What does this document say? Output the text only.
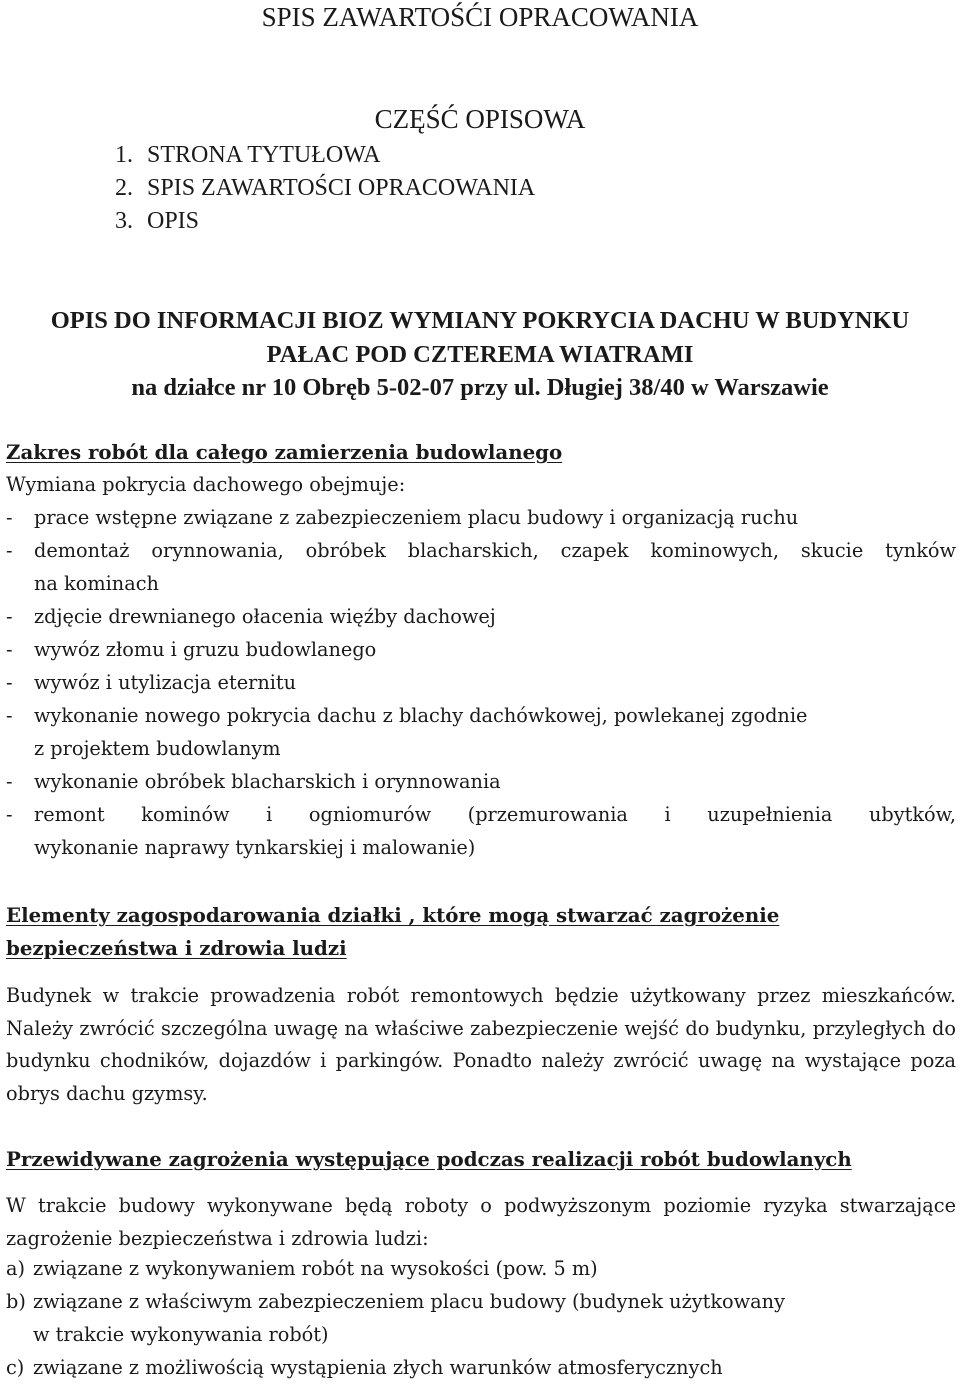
SPIS ZAWARTOŚĆI OPRACOWANIA
CZĘŚĆ OPISOWA
1. STRONA TYTUŁOWA
2. SPIS ZAWARTOŚCI OPRACOWANIA
3. OPIS
OPIS DO INFORMACJI BIOZ WYMIANY POKRYCIA DACHU W BUDYNKU
PAŁAC POD CZTEREMA WIATRAMI
na działce nr 10 Obręb 5-02-07 przy ul. Długiej 38/40 w Warszawie
Zakres robót dla całego zamierzenia budowlanego
Wymiana pokrycia dachowego obejmuje:
- prace wstępne związane z zabezpieczeniem placu budowy i organizacją ruchu
- demontaż orynnowania, obróbek blacharskich, czapek kominowych, skucie tynków
na kominach
- zdjęcie drewnianego ołacenia więźby dachowej
- wywóz złomu i gruzu budowlanego
- wywóz i utylizacja eternitu
- wykonanie nowego pokrycia dachu z blachy dachówkowej, powlekanej zgodnie
z projektem budowlanym
- wykonanie obróbek blacharskich i orynnowania
- remont kominów i ogniomurów (przemurowania i uzupełnienia ubytków,
wykonanie naprawy tynkarskiej i malowanie)
Elementy zagospodarowania działki , które mogą stwarzać zagrożenie
bezpieczeństwa i zdrowia ludzi
Budynek w trakcie prowadzenia robót remontowych będzie użytkowany przez mieszkańców. Należy zwrócić szczególna uwagę na właściwe zabezpieczenie wejść do budynku, przyległych do budynku chodników, dojazdów i parkingów. Ponadto należy zwrócić uwagę na wystające poza obrys dachu gzymsy.
Przewidywane zagrożenia występujące podczas realizacji robót budowlanych
W trakcie budowy wykonywane będą roboty o podwyższonym poziomie ryzyka stwarzające zagrożenie bezpieczeństwa i zdrowia ludzi:
a) związane z wykonywaniem robót na wysokości (pow. 5 m)
b) związane z właściwym zabezpieczeniem placu budowy (budynek użytkowany
w trakcie wykonywania robót)
c) związane z możliwością wystąpienia złych warunków atmosferycznych
